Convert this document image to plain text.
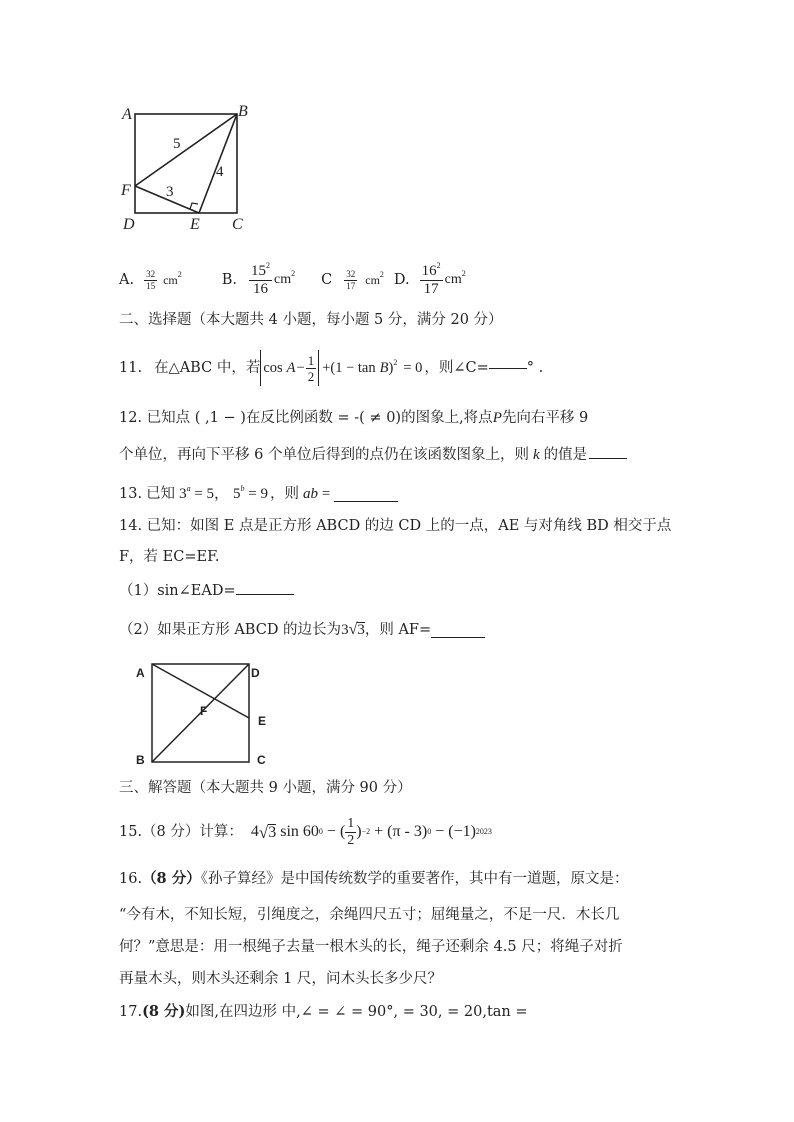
A	B
F
D	E C
5
4
3
A. $\frac{32}{15} cm^2$	B. $\frac{15^2}{16} cm^2$ C $\frac{32}{17} cm^2$ D. $\frac{16^2}{17} cm^2$
二、选择题（本大题共 4 小题，每小题 5 分，满分 20 分）
11. 在△ABC 中，若 $\cos A - \frac{1}{2} +(1 - \tan B$ )$^2$ = 0 ，则∠C=	° .
12. 已知点 ( ,1 − )在反比例函数 = -( ≠ 0)的图象上,将点P先向右平移 9
个单位，再向下平移 6 个单位后得到的点仍在该函数图象上，则 k 的值是
13. 已知 $3^a = 5$， $5^b = 9$ ，则 ab =
14. 已知：如图 E 点是正方形 ABCD 的边 CD 上的一点，AE 与对角线 BD 相交于点
F，若 EC=EF.
（1）sin∠EAD=
（2）如果正方形 ABCD 的边长为 3 √ 3 ，则 AF=
A	D
F
E
B	C
三、解答题（本大题共 9 小题，满分 90 分）
15.（8 分）计算： 4 √ 3 sin 60 0 − ( $\frac{1}{2}$ ) −2 + (π - 3) 0 − (−1) 2023
16.（8 分）《孙子算经》是中国传统数学的重要著作，其中有一道题，原文是：
“今有木，不知长短，引绳度之，余绳四尺五寸；屈绳量之，不足一尺．木长几
何？”意思是：用一根绳子去量一根木头的长，绳子还剩余 4.5 尺；将绳子对折
再量木头，则木头还剩余 1 尺，问木头长多少尺？
17.(8 分)如图,在四边形 中,∠ = ∠ = 90°, = 30, = 20,tan =
